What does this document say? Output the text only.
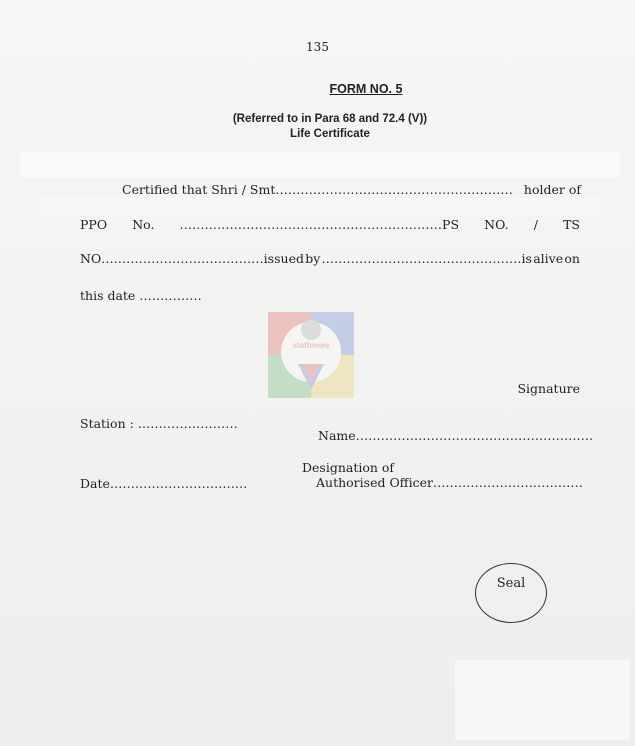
135
FORM NO. 5
(Referred to in Para 68 and 72.4 (V))
Life Certificate
Certified that Shri / Smt………………………………………………… holder of
PPO No. ………………………………………………………PS NO. / TS
NO…………………………………issued by …………………………………………is alive on
this date ……………
staffnews
Signature
Station : ……………………
Name…………………………………………………
Designation of
Authorised Officer………………………………
Date……………………………
Seal
